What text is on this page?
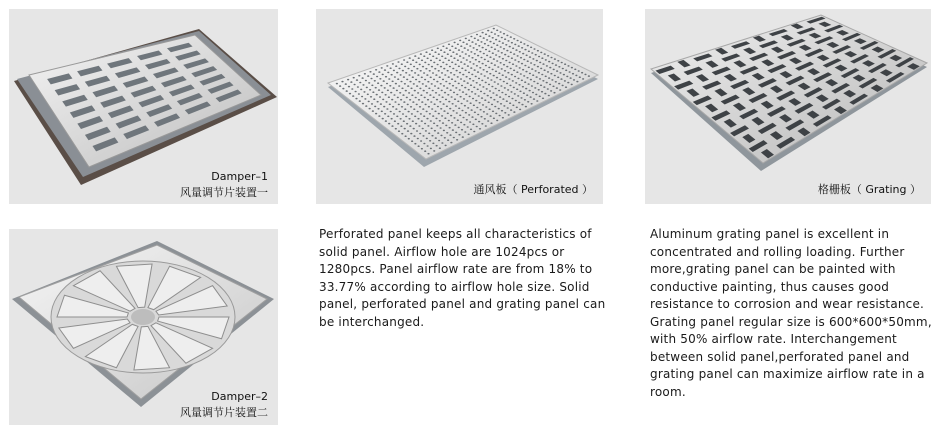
Damper–1
风量调节片装置一
Damper–2
风量调节片装置二
通风板（ Perforated ）	格栅板（ Grating ）

Perforated panel keeps all characteristics of solid panel. Airflow hole are 1024pcs or 1280pcs. Panel airflow rate are from 18% to 33.77% according to airflow hole size. Solid panel, perforated panel and grating panel can be interchanged.

Aluminum grating panel is excellent in concentrated and rolling loading. Further more,grating panel can be painted with conductive painting, thus causes good resistance to corrosion and wear resistance. Grating panel regular size is 600*600*50mm, with 50% airflow rate. Interchangement between solid panel,perforated panel and grating panel can maximize airflow rate in a room.
